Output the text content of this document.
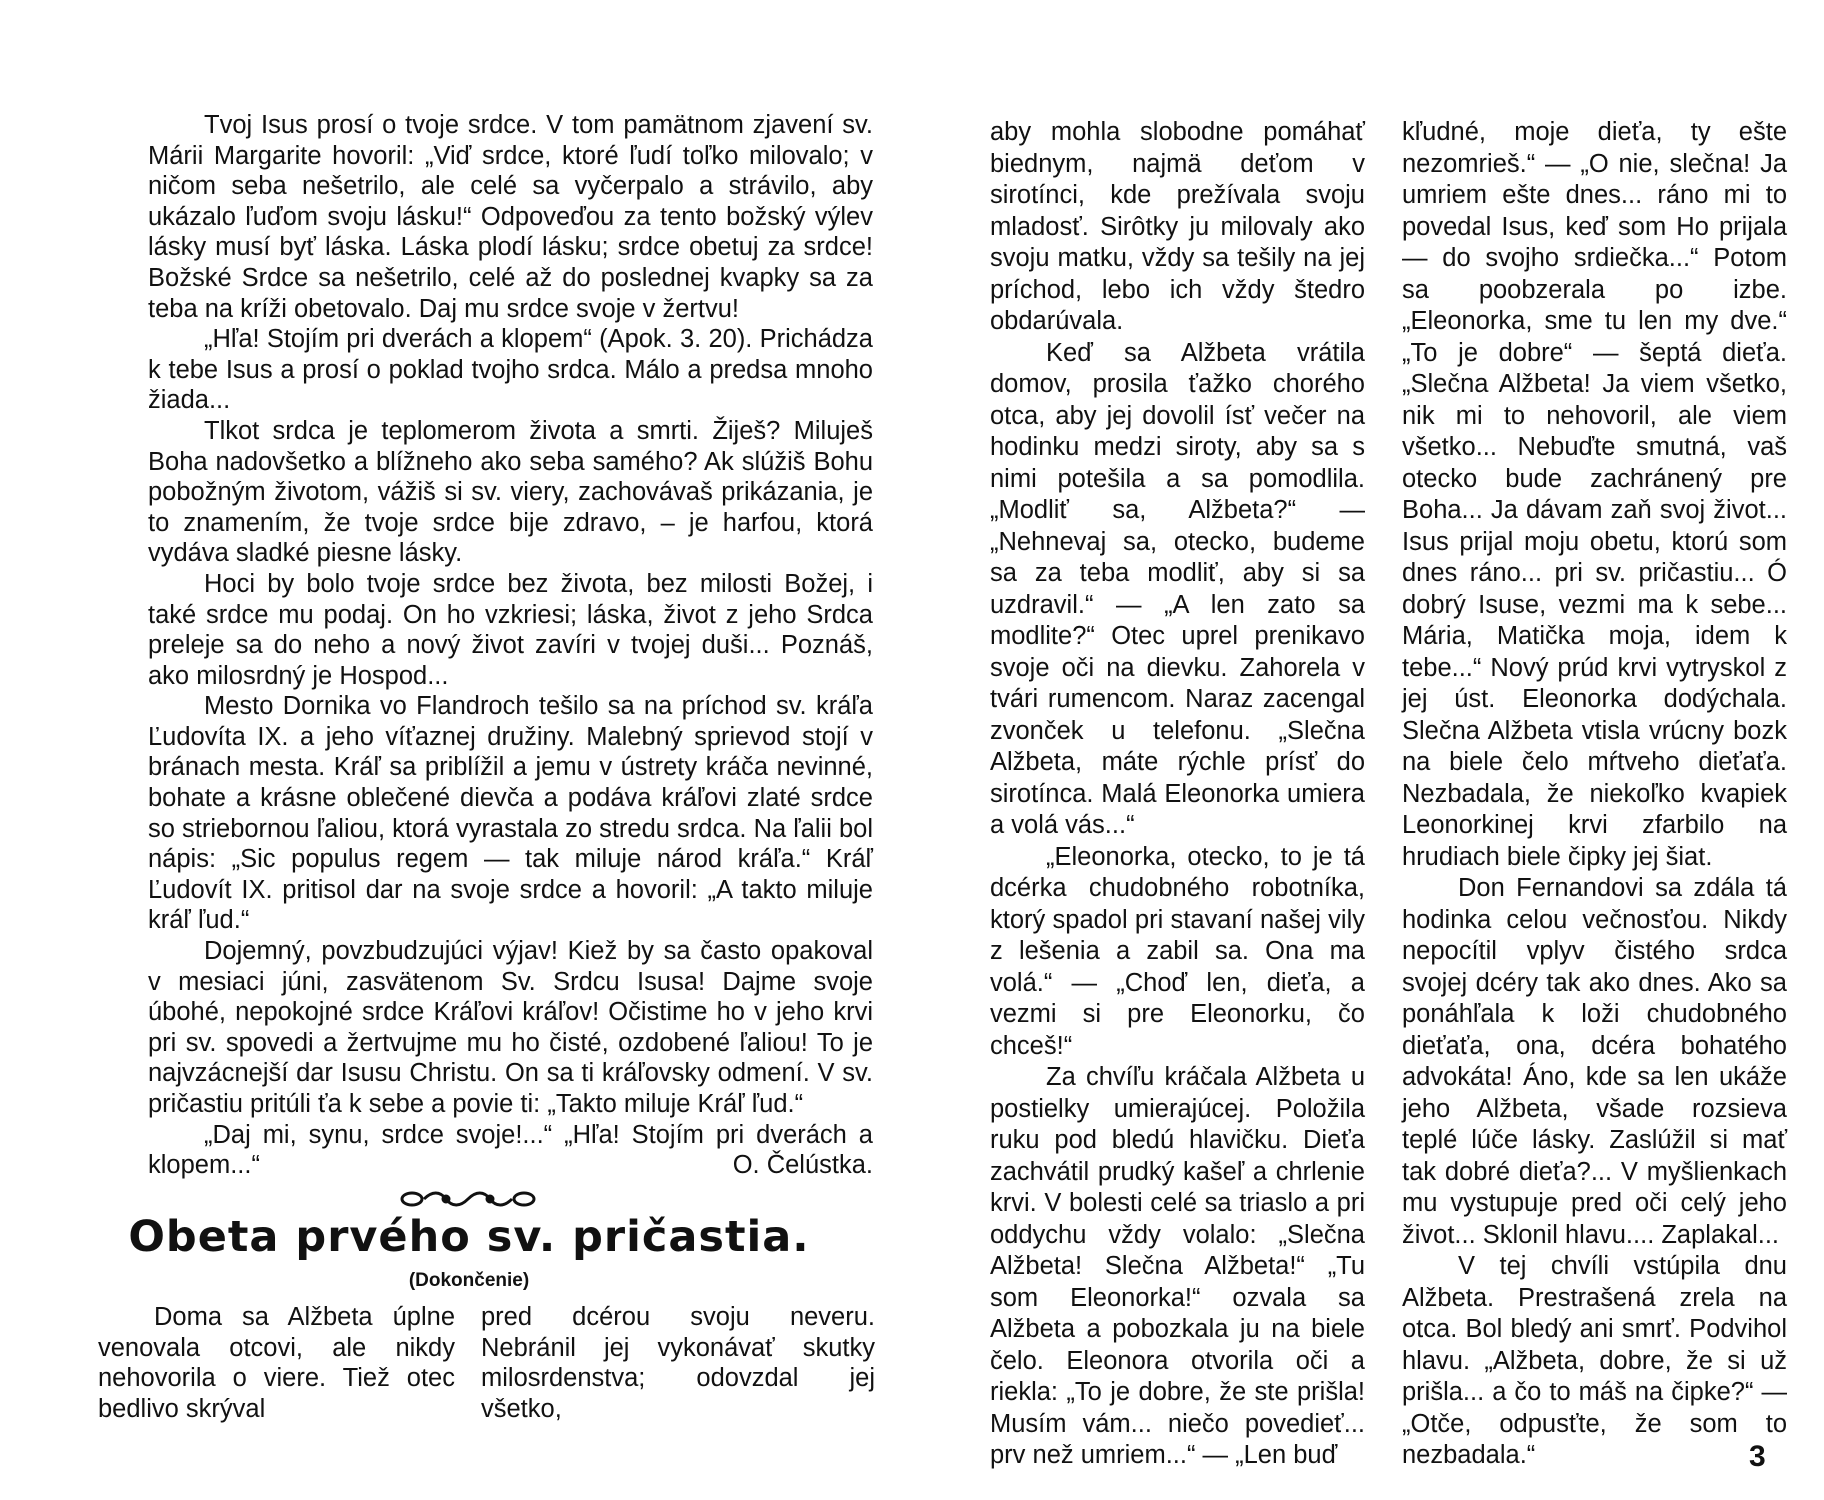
Tvoj Isus prosí o tvoje srdce. V tom pamätnom zjavení sv. Márii Margarite hovoril: „Viď srdce, ktoré ľudí toľko milovalo; v ničom seba nešetrilo, ale celé sa vyčerpalo a strávilo, aby ukázalo ľuďom svoju lásku!“ Odpoveďou za tento božský výlev lásky musí byť láska. Láska plodí lásku; srdce obetuj za srdce! Božské Srdce sa nešetrilo, celé až do poslednej kvapky sa za teba na kríži obetovalo. Daj mu srdce svoje v žertvu!

„Hľa! Stojím pri dverách a klopem“ (Apok. 3. 20). Prichádza k tebe Isus a prosí o poklad tvojho srdca. Málo a predsa mnoho žiada...

Tlkot srdca je teplomerom života a smrti. Žiješ? Miluješ Boha nadovšetko a blížneho ako seba samého? Ak slúžiš Bohu pobožným životom, vážiš si sv. viery, zachovávaš prikázania, je to znamením, že tvoje srdce bije zdravo, – je harfou, ktorá vydáva sladké piesne lásky.

Hoci by bolo tvoje srdce bez života, bez milosti Božej, i také srdce mu podaj. On ho vzkriesi; láska, život z jeho Srdca preleje sa do neho a nový život zavíri v tvojej duši... Poznáš, ako milosrdný je Hospod...

Mesto Dornika vo Flandroch tešilo sa na príchod sv. kráľa Ľudovíta IX. a jeho víťaznej družiny. Malebný sprievod stojí v bránach mesta. Kráľ sa priblížil a jemu v ústrety kráča nevinné, bohate a krásne oblečené dievča a podáva kráľovi zlaté srdce so striebornou ľaliou, ktorá vyrastala zo stredu srdca. Na ľalii bol nápis: „Sic populus regem — tak miluje národ kráľa.“ Kráľ Ľudovít IX. pritisol dar na svoje srdce a hovoril: „A takto miluje kráľ ľud.“

Dojemný, povzbudzujúci výjav! Kiež by sa často opakoval v mesiaci júni, zasvätenom Sv. Srdcu Isusa! Dajme svoje úbohé, nepokojné srdce Kráľovi kráľov! Očistime ho v jeho krvi pri sv. spovedi a žertvujme mu ho čisté, ozdobené ľaliou! To je najvzácnejší dar Isusu Christu. On sa ti kráľovsky odmení. V sv. pričastiu pritúli ťa k sebe a povie ti: „Takto miluje Kráľ ľud.“

„Daj mi, synu, srdce svoje!...“ „Hľa! Stojím pri dverách a klopem...“	O. Čelústka.

Obeta prvého sv. pričastia.
(Dokončenie)

Doma sa Alžbeta úplne venovala otcovi, ale nikdy nehovorila o viere. Tiež otec bedlivo skrýval

pred dcérou svoju neveru. Nebránil jej vykonávať skutky milosrdenstva; odovzdal jej všetko,

aby mohla slobodne pomáhať biednym, najmä deťom v sirotínci, kde prežívala svoju mladosť. Sirôtky ju milovaly ako svoju matku, vždy sa tešily na jej príchod, lebo ich vždy štedro obdarúvala.

Keď sa Alžbeta vrátila domov, prosila ťažko chorého otca, aby jej dovolil ísť večer na hodinku medzi siroty, aby sa s nimi potešila a sa pomodlila. „Modliť sa, Alžbeta?“ — „Nehnevaj sa, otecko, budeme sa za teba modliť, aby si sa uzdravil.“ — „A len zato sa modlite?“ Otec uprel prenikavo svoje oči na dievku. Zahorela v tvári rumencom. Naraz zacengal zvonček u telefonu. „Slečna Alžbeta, máte rýchle prísť do sirotínca. Malá Eleonorka umiera a volá vás...“

„Eleonorka, otecko, to je tá dcérka chudobného robotníka, ktorý spadol pri stavaní našej vily z lešenia a zabil sa. Ona ma volá.“ — „Choď len, dieťa, a vezmi si pre Eleonorku, čo chceš!“

Za chvíľu kráčala Alžbeta u postielky umierajúcej. Položila ruku pod bledú hlavičku. Dieťa zachvátil prudký kašeľ a chrlenie krvi. V bolesti celé sa triaslo a pri oddychu vždy volalo: „Slečna Alžbeta! Slečna Alžbeta!“ „Tu som Eleonorka!“ ozvala sa Alžbeta a pobozkala ju na biele čelo. Eleonora otvorila oči a riekla: „To je dobre, že ste prišla! Musím vám... niečo povedieť... prv než umriem...“ — „Len buď

kľudné, moje dieťa, ty ešte nezomrieš.“ — „O nie, slečna! Ja umriem ešte dnes... ráno mi to povedal Isus, keď som Ho prijala — do svojho srdiečka...“ Potom sa poobzerala po izbe. „Eleonorka, sme tu len my dve.“ „To je dobre“ — šeptá dieťa. „Slečna Alžbeta! Ja viem všetko, nik mi to nehovoril, ale viem všetko... Nebuďte smutná, vaš otecko bude zachránený pre Boha... Ja dávam zaň svoj život... Isus prijal moju obetu, ktorú som dnes ráno... pri sv. pričastiu... Ó dobrý Isuse, vezmi ma k sebe... Mária, Matička moja, idem k tebe...“ Nový prúd krvi vytryskol z jej úst. Eleonorka dodýchala. Slečna Alžbeta vtisla vrúcny bozk na biele čelo mŕtveho dieťaťa. Nezbadala, že niekoľko kvapiek Leonorkinej krvi zfarbilo na hrudiach biele čipky jej šiat.

Don Fernandovi sa zdála tá hodinka celou večnosťou. Nikdy nepocítil vplyv čistého srdca svojej dcéry tak ako dnes. Ako sa ponáhľala k loži chudobného dieťaťa, ona, dcéra bohatého advokáta! Áno, kde sa len ukáže jeho Alžbeta, všade rozsieva teplé lúče lásky. Zaslúžil si mať tak dobré dieťa?... V myšlienkach mu vystupuje pred oči celý jeho život... Sklonil hlavu.... Zaplakal...

V tej chvíli vstúpila dnu Alžbeta. Prestrašená zrela na otca. Bol bledý ani smrť. Podvihol hlavu. „Alžbeta, dobre, že si už prišla... a čo to máš na čipke?“ — „Otče, odpusťte, že som to nezbadala.“	3
